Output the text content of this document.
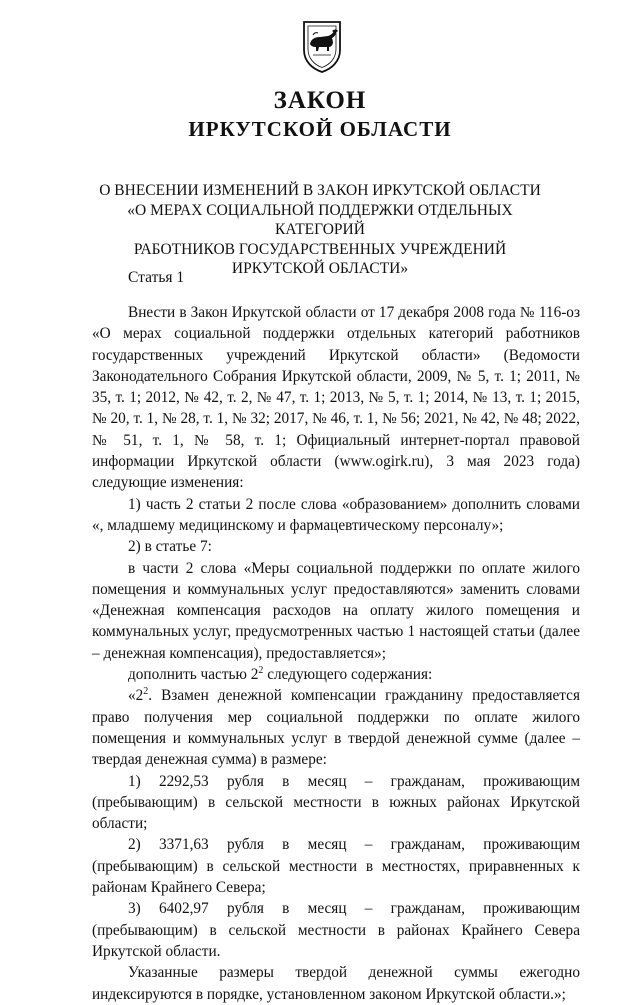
ЗАКОН
ИРКУТСКОЙ ОБЛАСТИ
О ВНЕСЕНИИ ИЗМЕНЕНИЙ В ЗАКОН ИРКУТСКОЙ ОБЛАСТИ
«О МЕРАХ СОЦИАЛЬНОЙ ПОДДЕРЖКИ ОТДЕЛЬНЫХ КАТЕГОРИЙ
РАБОТНИКОВ ГОСУДАРСТВЕННЫХ УЧРЕЖДЕНИЙ
ИРКУТСКОЙ ОБЛАСТИ»
Статья 1

Внести в Закон Иркутской области от 17 декабря 2008 года № 116-оз «О мерах социальной поддержки отдельных категорий работников государственных учреждений Иркутской области» (Ведомости Законодательного Собрания Иркутской области, 2009, № 5, т. 1; 2011, № 35, т. 1; 2012, № 42, т. 2, № 47, т. 1; 2013, № 5, т. 1; 2014, № 13, т. 1; 2015, № 20, т. 1, № 28, т. 1, № 32; 2017, № 46, т. 1, № 56; 2021, № 42, № 48; 2022, № 51, т. 1, № 58, т. 1; Официальный интернет-портал правовой информации Иркутской области (www.ogirk.ru), 3 мая 2023 года) следующие изменения:

1) часть 2 статьи 2 после слова «образованием» дополнить словами «, младшему медицинскому и фармацевтическому персоналу»;

2) в статье 7:

в части 2 слова «Меры социальной поддержки по оплате жилого помещения и коммунальных услуг предоставляются» заменить словами «Денежная компенсация расходов на оплату жилого помещения и коммунальных услуг, предусмотренных частью 1 настоящей статьи (далее – денежная компенсация), предоставляется»;

дополнить частью $2^2$ следующего содержания:

«$2^2$. Взамен денежной компенсации гражданину предоставляется право получения мер социальной поддержки по оплате жилого помещения и коммунальных услуг в твердой денежной сумме (далее – твердая денежная сумма) в размере:

1) 2292,53 рубля в месяц – гражданам, проживающим (пребывающим) в сельской местности в южных районах Иркутской области;

2) 3371,63 рубля в месяц – гражданам, проживающим (пребывающим) в сельской местности в местностях, приравненных к районам Крайнего Севера;

3) 6402,97 рубля в месяц – гражданам, проживающим (пребывающим) в сельской местности в районах Крайнего Севера Иркутской области.

Указанные размеры твердой денежной суммы ежегодно индексируются в порядке, установленном законом Иркутской области.»;
